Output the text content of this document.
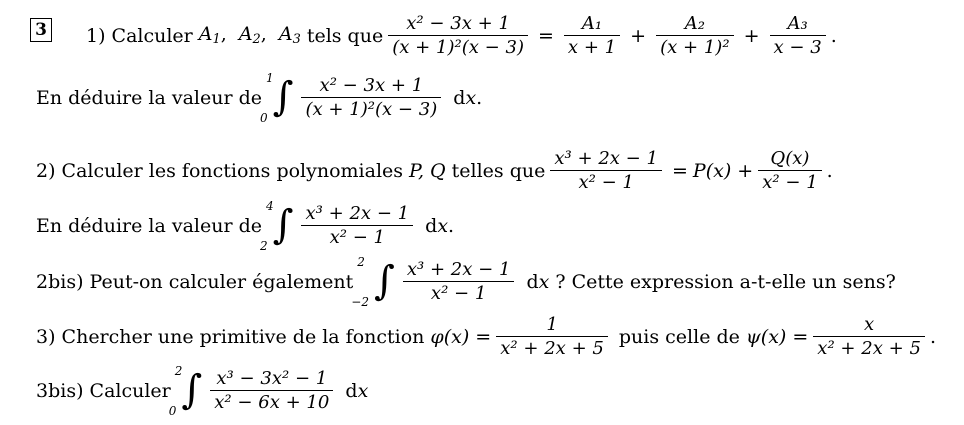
3 1) Calculer $A_1$, $A_2$, $A_3$ tels que $\frac{\text{x² − 3x + 1}}{\text{(x + 1)²(x − 3)}} = \frac{\text{A₁}}{x + 1} + \frac{\text{A₂}}{\text{(x + 1)²}} + \frac{\text{A₃}}{x - 3}$ .
En déduire la valeur de
1
0 ∫ $\frac{\text{x² − 3x + 1}}{\text{(x + 1)²(x − 3)}}$ dx .
2) Calculer les fonctions polynomiales P, Q telles que $\frac{\text{x³ + 2x − 1}}{\text{x² − 1}} = P(x) + \frac{Q(x)}{\text{x² − 1}}$ .
En déduire la valeur de
4
2 ∫ $\frac{\text{x³ + 2x − 1}}{\text{x² − 1}}$ dx .
2bis) Peut-on calculer également
2
−2 ∫ $\frac{\text{x³ + 2x − 1}}{\text{x² − 1}}$ dx ? Cette expression a-t-elle un sens?
3) Chercher une primitive de la fonction $\varphi(x) = \frac{1}{\text{x² + 2x + 5}}$ puis celle de $\psi(x) = \frac{x}{\text{x² + 2x + 5}}$ .
3bis) Calculer
2
0 ∫ $\frac{\text{x³ − 3x² − 1}}{\text{x² − 6x + 10}}$ dx
